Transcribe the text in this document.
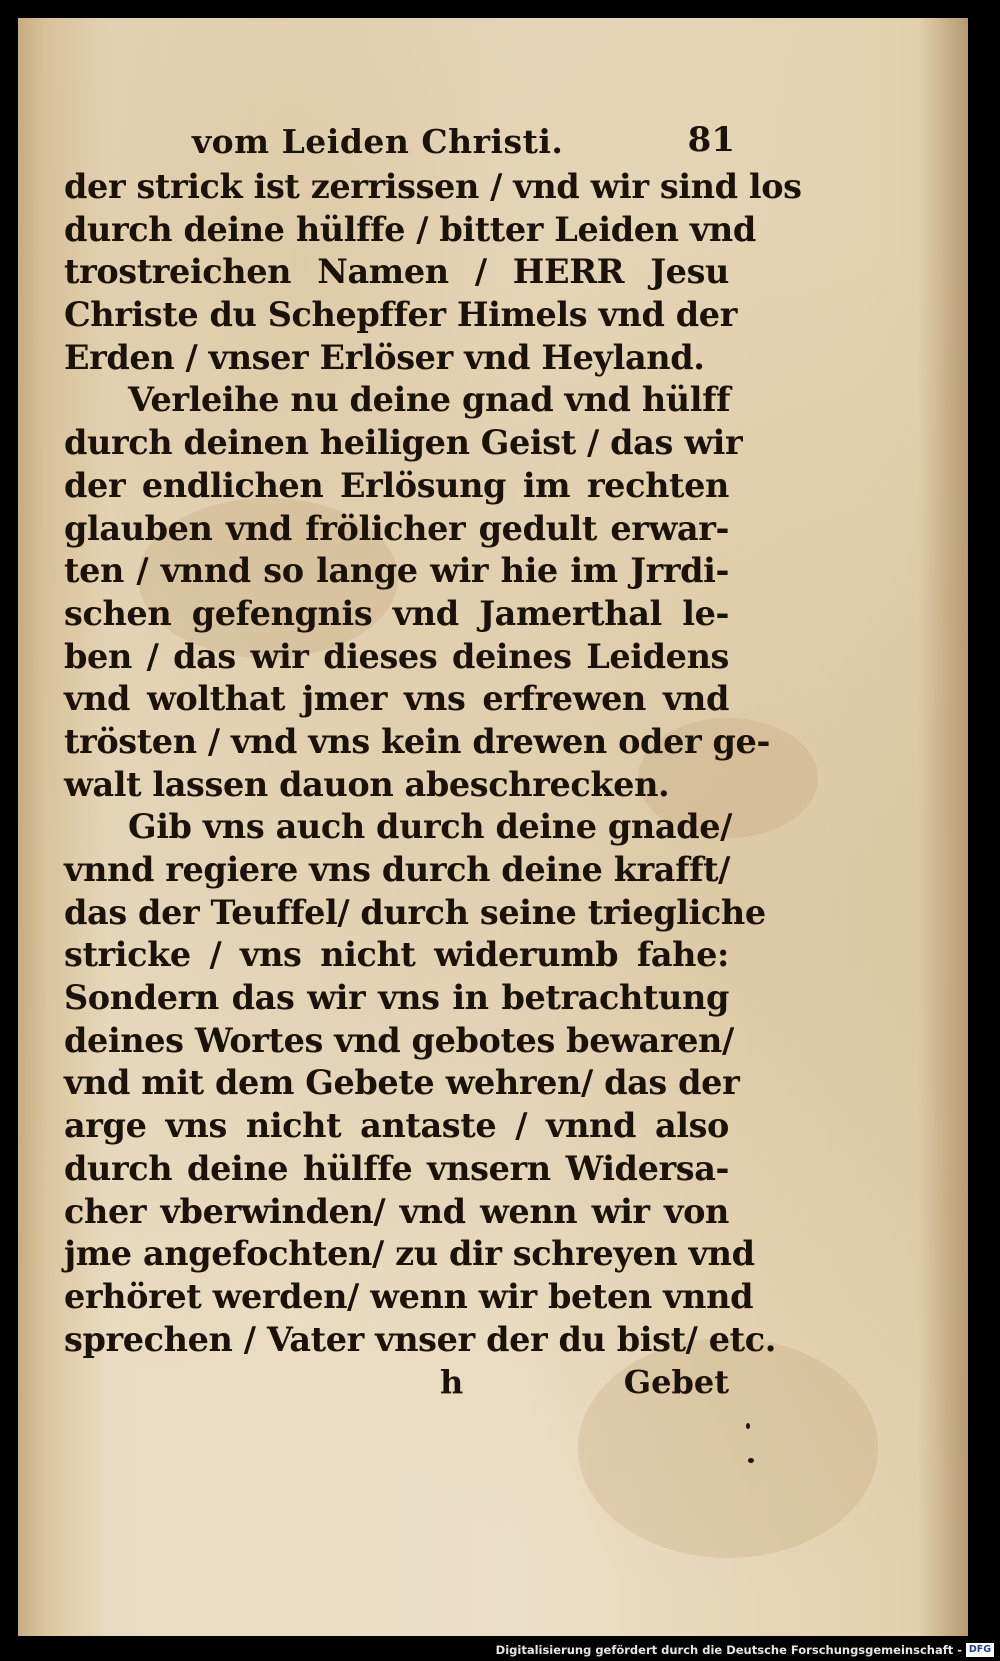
vom Leiden Christi.	81
der strick ist zerrissen / vnd wir sind los
durch deine hülffe / bitter Leiden vnd
trostreichen Namen / HERR Jesu
Christe du Schepffer Himels vnd der
Erden / vnser Erlöser vnd Heyland.
Verleihe nu deine gnad vnd hülff
durch deinen heiligen Geist / das wir
der endlichen Erlösung im rechten
glauben vnd frölicher gedult erwar-
ten / vnnd so lange wir hie im Jrrdi-
schen gefengnis vnd Jamerthal le-
ben / das wir dieses deines Leidens
vnd wolthat jmer vns erfrewen vnd
trösten / vnd vns kein drewen oder ge-
walt lassen dauon abeschrecken.
Gib vns auch durch deine gnade/
vnnd regiere vns durch deine krafft/
das der Teuffel/ durch seine triegliche
stricke / vns nicht widerumb fahe:
Sondern das wir vns in betrachtung
deines Wortes vnd gebotes bewaren/
vnd mit dem Gebete wehren/ das der
arge vns nicht antaste / vnnd also
durch deine hülffe vnsern Widersa-
cher vberwinden/ vnd wenn wir von
jme angefochten/ zu dir schreyen vnd
erhöret werden/ wenn wir beten vnnd
sprechen / Vater vnser der du bist/ etc.
h	Gebet
Digitalisierung gefördert durch die Deutsche Forschungsgemeinschaft - DFG
